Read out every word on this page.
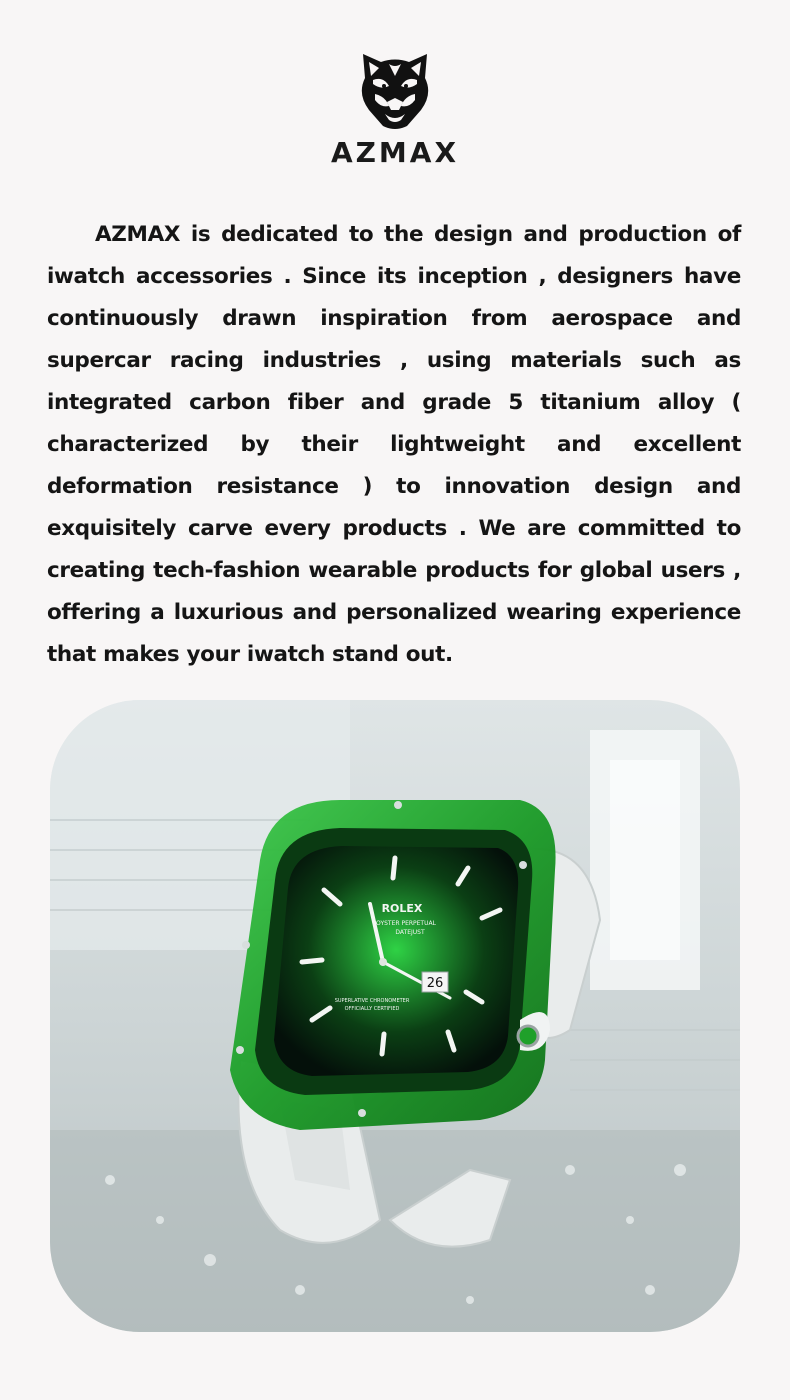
AZMAX

AZMAX is dedicated to the design and production of iwatch accessories . Since its inception , designers have continuously drawn inspiration from aerospace and supercar racing industries , using materials such as integrated carbon fiber and grade 5 titanium alloy ( characterized by their lightweight and excellent deformation resistance ) to innovation design and exquisitely carve every products . We are committed to creating tech-fashion wearable products for global users , offering a luxurious and personalized wearing experience that makes your iwatch stand out.

ROLEX
OYSTER PERPETUAL
DATEJUST
SUPERLATIVE CHRONOMETER
OFFICIALLY CERTIFIED
26
